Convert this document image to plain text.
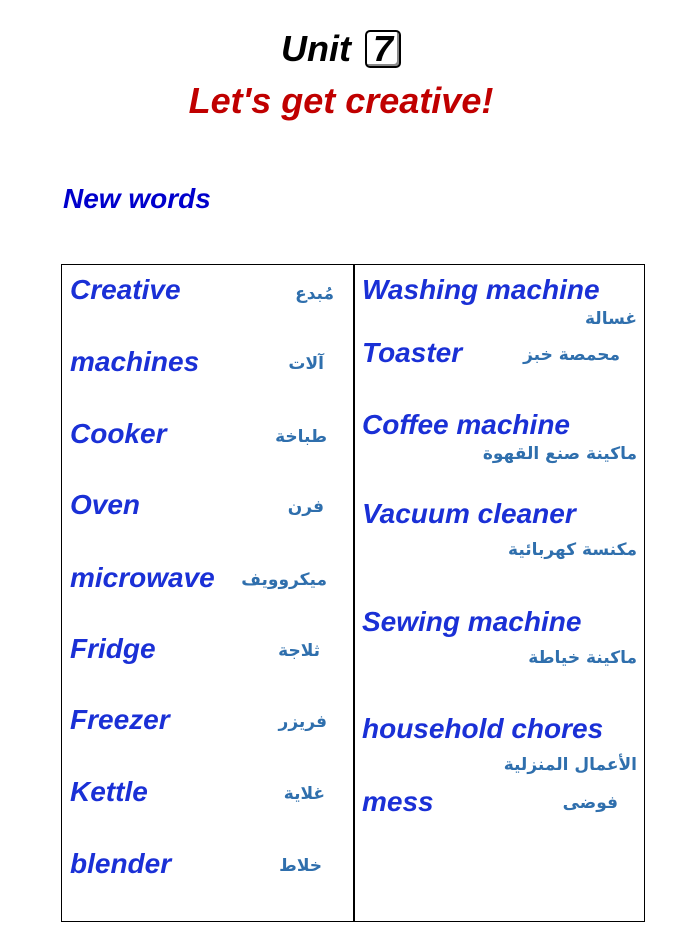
Unit 7
Let's get creative!
New words
Creative	مُبدع
machines	آلات
Cooker	طباخة
Oven	فرن
microwave ميكروويف
Fridge	ثلاجة
Freezer	فريزر
Kettle	غلاية
blender	خلاط
Washing machine
غسالة
Toaster	محمصة خبز
Coffee machine
ماكينة صنع القهوة
Vacuum cleaner
مكنسة كهربائية
Sewing machine
ماكينة خياطة
household chores
الأعمال المنزلية
mess	فوضى
